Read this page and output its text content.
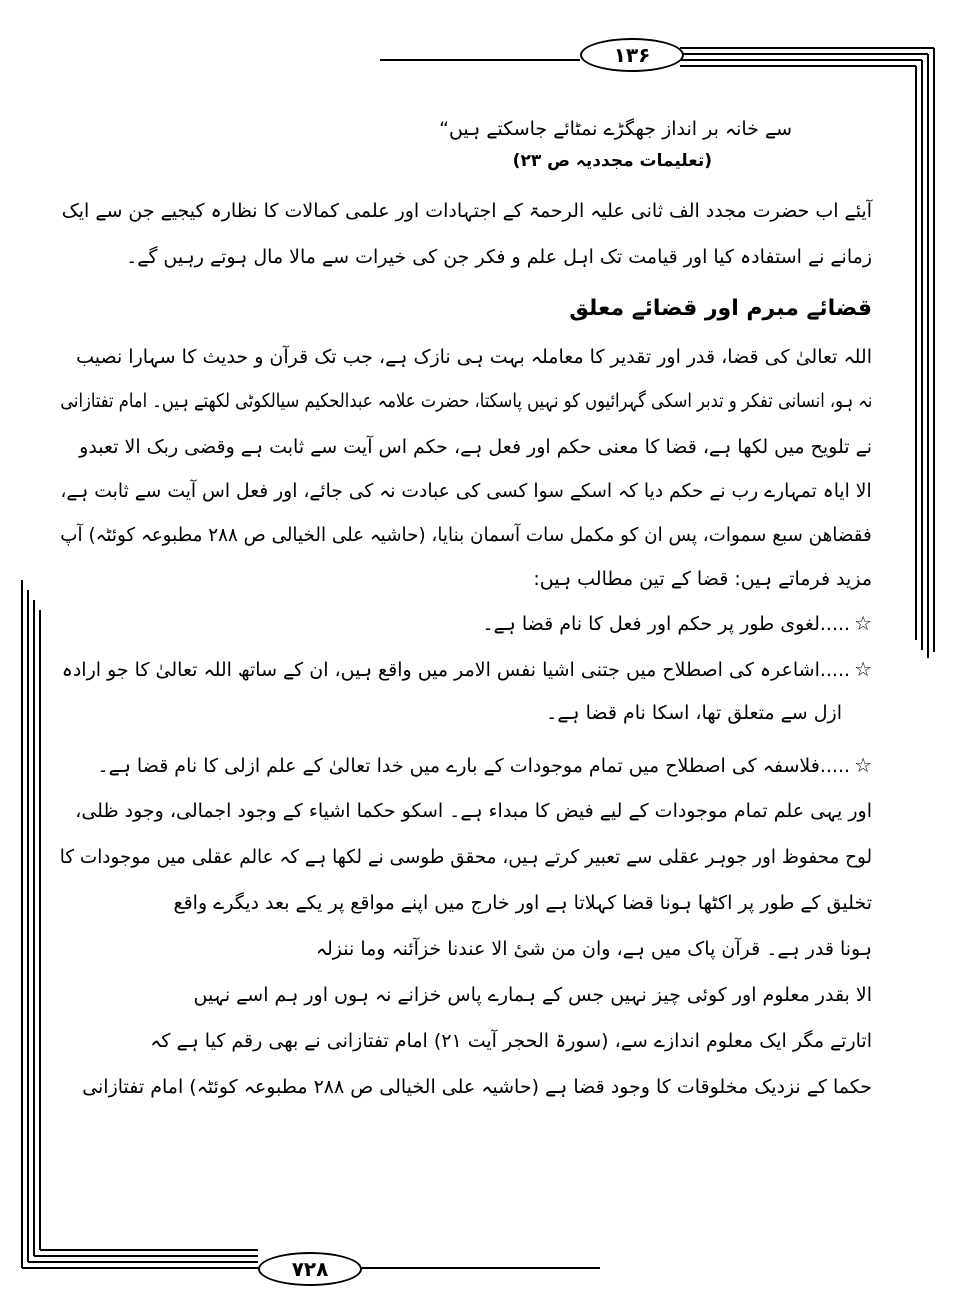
۱۳۶
۷۲۸
سے خانہ بر انداز جھگڑے نمٹائے جاسکتے ہیں“
(تعلیمات مجددیہ ص ۲۳)
آیئے اب حضرت مجدد الف ثانی علیہ الرحمۃ کے اجتہادات اور علمی کمالات کا نظارہ کیجیے جن سے ایک
زمانے نے استفادہ کیا اور قیامت تک اہل علم و فکر جن کی خیرات سے مالا مال ہوتے رہیں گے۔
قضائے مبرم اور قضائے معلق
اللہ تعالیٰ کی قضا، قدر اور تقدیر کا معاملہ بہت ہی نازک ہے، جب تک قرآن و حدیث کا سہارا نصیب
نہ ہو، انسانی تفکر و تدبر اسکی گہرائیوں کو نہیں پاسکتا، حضرت علامہ عبدالحکیم سیالکوٹی لکھتے ہیں۔ امام تفتازانی
نے تلویح میں لکھا ہے، قضا کا معنی حکم اور فعل ہے، حکم اس آیت سے ثابت ہے وقضی ربک الا تعبدو
الا ایاہ تمہارے رب نے حکم دیا کہ اسکے سوا کسی کی عبادت نہ کی جائے، اور فعل اس آیت سے ثابت ہے،
فقضاھن سبع سموات، پس ان کو مکمل سات آسمان بنایا، (حاشیہ علی الخیالی ص ۲۸۸ مطبوعہ کوئٹہ) آپ
مزید فرماتے ہیں: قضا کے تین مطالب ہیں:
☆.....لغوی طور پر حکم اور فعل کا نام قضا ہے۔
☆.....اشاعرہ کی اصطلاح میں جتنی اشیا نفس الامر میں واقع ہیں، ان کے ساتھ اللہ تعالیٰ کا جو ارادہ
ازل سے متعلق تھا، اسکا نام قضا ہے۔
☆.....فلاسفہ کی اصطلاح میں تمام موجودات کے بارے میں خدا تعالیٰ کے علم ازلی کا نام قضا ہے۔
اور یہی علم تمام موجودات کے لیے فیض کا مبداء ہے۔ اسکو حکما اشیاء کے وجود اجمالی، وجود ظلی،
لوح محفوظ اور جوہر عقلی سے تعبیر کرتے ہیں، محقق طوسی نے لکھا ہے کہ عالم عقلی میں موجودات کا
تخلیق کے طور پر اکٹھا ہونا قضا کہلاتا ہے اور خارج میں اپنے مواقع پر یکے بعد دیگرے واقع
ہونا قدر ہے۔ قرآن پاک میں ہے، وان من شیٔ الا عندنا خزآئنہ وما ننزلہ
الا بقدر معلوم اور کوئی چیز نہیں جس کے ہمارے پاس خزانے نہ ہوں اور ہم اسے نہیں
اتارتے مگر ایک معلوم اندازے سے، (سورۃ الحجر آیت ۲۱) امام تفتازانی نے بھی رقم کیا ہے کہ
حکما کے نزدیک مخلوقات کا وجود قضا ہے (حاشیہ علی الخیالی ص ۲۸۸ مطبوعہ کوئٹہ) امام تفتازانی
